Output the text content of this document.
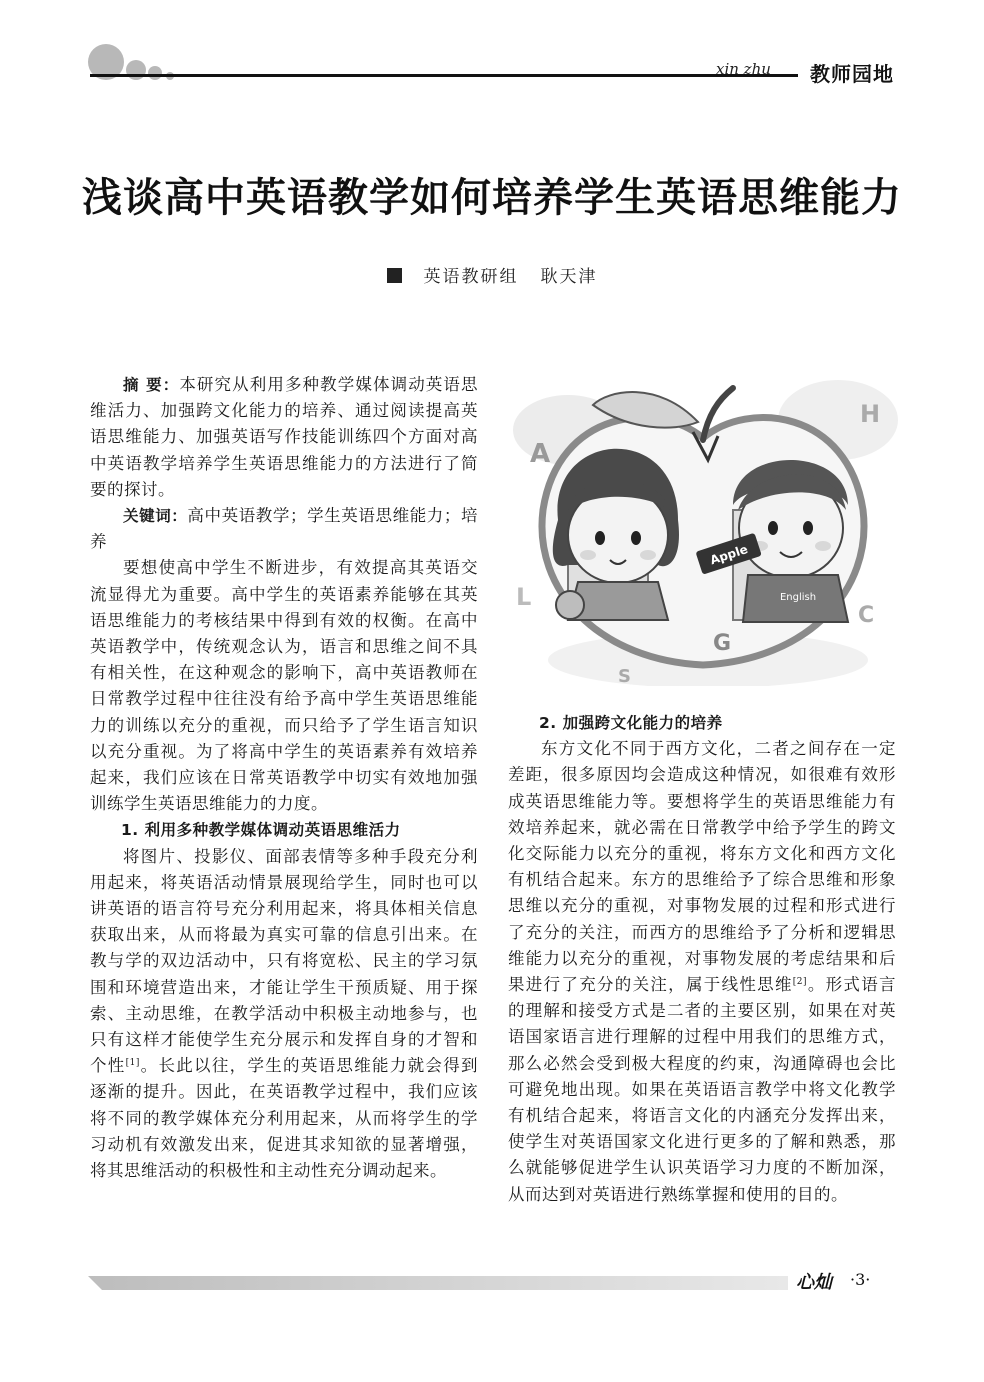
xin zhu 教师园地
浅谈高中英语教学如何培养学生英语思维能力
英语教研组 耿天津

摘 要：本研究从利用多种教学媒体调动英语思维活力、加强跨文化能力的培养、通过阅读提高英语思维能力、加强英语写作技能训练四个方面对高中英语教学培养学生英语思维能力的方法进行了简要的探讨。

关键词：高中英语教学；学生英语思维能力；培养

要想使高中学生不断进步，有效提高其英语交流显得尤为重要。高中学生的英语素养能够在其英语思维能力的考核结果中得到有效的权衡。在高中英语教学中，传统观念认为，语言和思维之间不具有相关性，在这种观念的影响下，高中英语教师在日常教学过程中往往没有给予高中学生英语思维能力的训练以充分的重视，而只给予了学生语言知识以充分重视。为了将高中学生的英语素养有效培养起来，我们应该在日常英语教学中切实有效地加强训练学生英语思维能力的力度。

1. 利用多种教学媒体调动英语思维活力

将图片、投影仪、面部表情等多种手段充分利用起来，将英语活动情景展现给学生，同时也可以讲英语的语言符号充分利用起来，将具体相关信息获取出来，从而将最为真实可靠的信息引出来。在教与学的双边活动中，只有将宽松、民主的学习氛围和环境营造出来，才能让学生干预质疑、用于探索、主动思维，在教学活动中积极主动地参与，也只有这样才能使学生充分展示和发挥自身的才智和个性[1]。长此以往，学生的英语思维能力就会得到逐渐的提升。因此，在英语教学过程中，我们应该将不同的教学媒体充分利用起来，从而将学生的学习动机有效激发出来，促进其求知欲的显著增强，将其思维活动的积极性和主动性充分调动起来。

Apple
English
A
H
L
G
C
S
2. 加强跨文化能力的培养

东方文化不同于西方文化，二者之间存在一定差距，很多原因均会造成这种情况，如很难有效形成英语思维能力等。要想将学生的英语思维能力有效培养起来，就必需在日常教学中给予学生的跨文化交际能力以充分的重视，将东方文化和西方文化有机结合起来。东方的思维给予了综合思维和形象思维以充分的重视，对事物发展的过程和形式进行了充分的关注，而西方的思维给予了分析和逻辑思维能力以充分的重视，对事物发展的考虑结果和后果进行了充分的关注，属于线性思维[2]。形式语言的理解和接受方式是二者的主要区别，如果在对英语国家语言进行理解的过程中用我们的思维方式，那么必然会受到极大程度的约束，沟通障碍也会比可避免地出现。如果在英语语言教学中将文化教学有机结合起来，将语言文化的内涵充分发挥出来，使学生对英语国家文化进行更多的了解和熟悉，那么就能够促进学生认识英语学习力度的不断加深，从而达到对英语进行熟练掌握和使用的目的。

心灿 ·3·
